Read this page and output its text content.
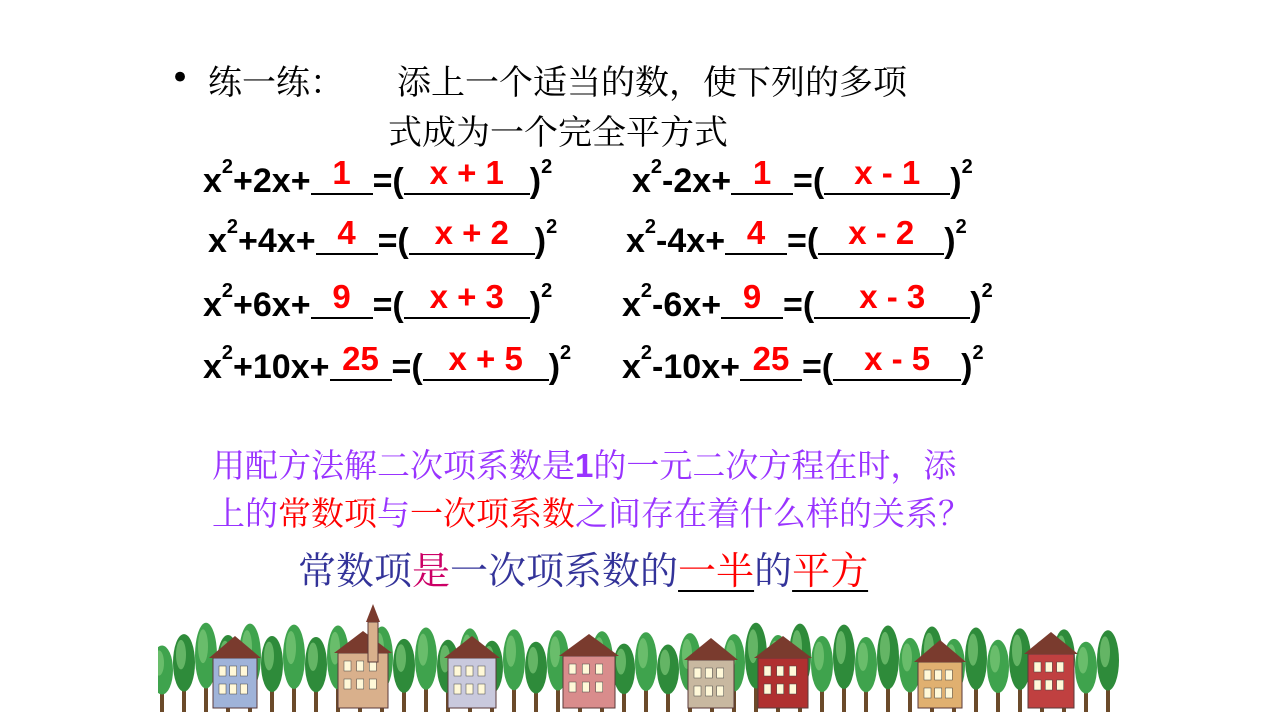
• 练一练： 添上一个适当的数，使下列的多项
式成为一个完全平方式
$x^2+2x+ 1$ =( x + 1 )$^2$ $x^2-2x+ 1$ =( x - 1 )$^2$
$x^2+4x+ 4$ =( x + 2 )$^2$ $x^2-4x+ 4$ =( x - 2 )$^2$
$x^2+6x+ 9$ =( x + 3 )$^2$ $x^2-6x+ 9$ =(	x - 3	)$^2$
$x^2+10x+ 25$ =( x + 5 )$^2$ $x^2-10x+ 25$ =( x - 5 )$^2$
用配方法解二次项系数是1的一元二次方程在时，添
上的常数项与一次项系数之间存在着什么样的关系？
常数项是一次项系数的一半的平方
